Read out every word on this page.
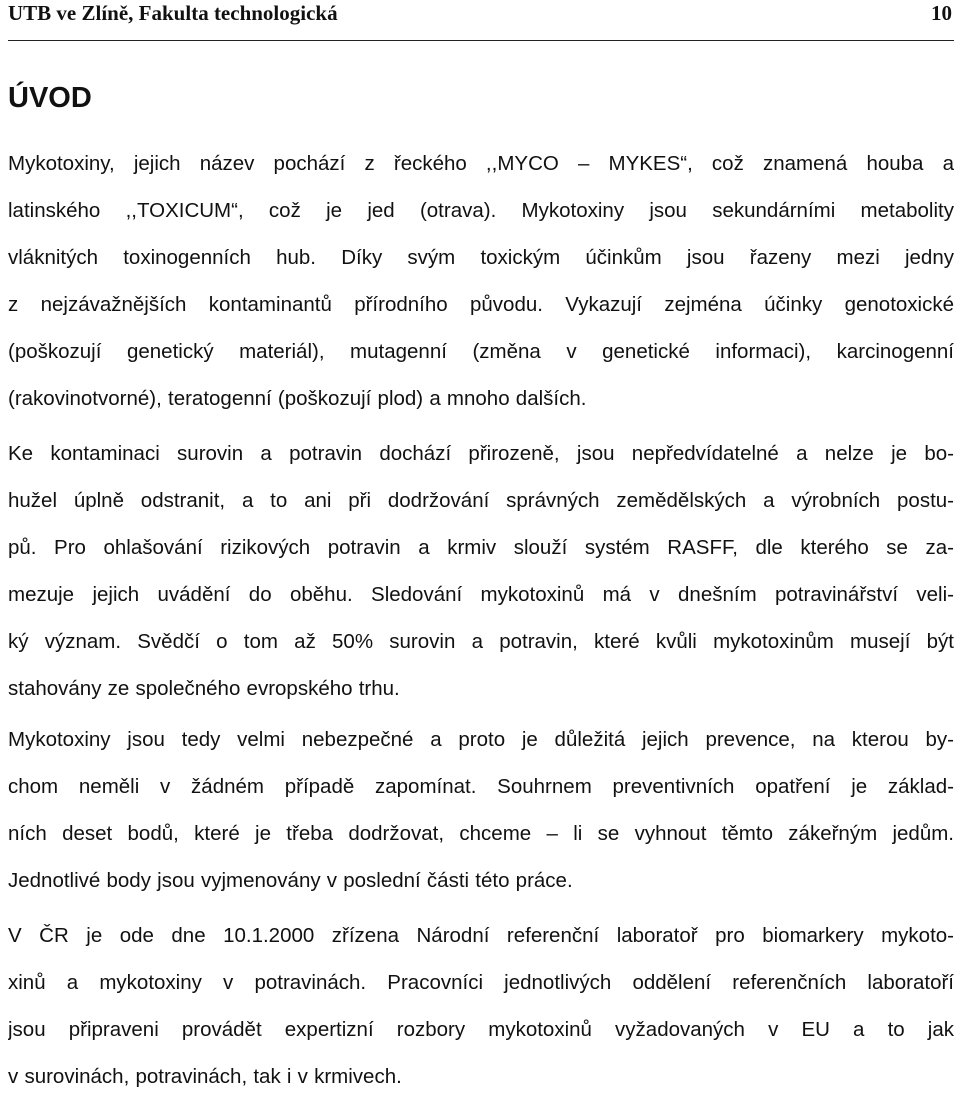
UTB ve Zlíně, Fakulta technologická	10
ÚVOD

Mykotoxiny, jejich název pochází z řeckého ,,MYCO – MYKES“, což znamená houba a
latinského ,,TOXICUM“, což je jed (otrava). Mykotoxiny jsou sekundárními metabolity
vláknitých toxinogenních hub. Díky svým toxickým účinkům jsou řazeny mezi jedny
z nejzávažnějších kontaminantů přírodního původu. Vykazují zejména účinky genotoxické
(poškozují genetický materiál), mutagenní (změna v genetické informaci), karcinogenní
(rakovinotvorné), teratogenní (poškozují plod) a mnoho dalších.

Ke kontaminaci surovin a potravin dochází přirozeně, jsou nepředvídatelné a nelze je bo-
hužel úplně odstranit, a to ani při dodržování správných zemědělských a výrobních postu-
pů. Pro ohlašování rizikových potravin a krmiv slouží systém RASFF, dle kterého se za-
mezuje jejich uvádění do oběhu. Sledování mykotoxinů má v dnešním potravinářství veli-
ký význam. Svědčí o tom až 50% surovin a potravin, které kvůli mykotoxinům musejí být
stahovány ze společného evropského trhu.

Mykotoxiny jsou tedy velmi nebezpečné a proto je důležitá jejich prevence, na kterou by-
chom neměli v žádném případě zapomínat. Souhrnem preventivních opatření je základ-
ních deset bodů, které je třeba dodržovat, chceme – li se vyhnout těmto zákeřným jedům.
Jednotlivé body jsou vyjmenovány v poslední části této práce.

V ČR je ode dne 10.1.2000 zřízena Národní referenční laboratoř pro biomarkery mykoto-
xinů a mykotoxiny v potravinách. Pracovníci jednotlivých oddělení referenčních laboratoří
jsou připraveni provádět expertizní rozbory mykotoxinů vyžadovaných v EU a to jak
v surovinách, potravinách, tak i v krmivech.
